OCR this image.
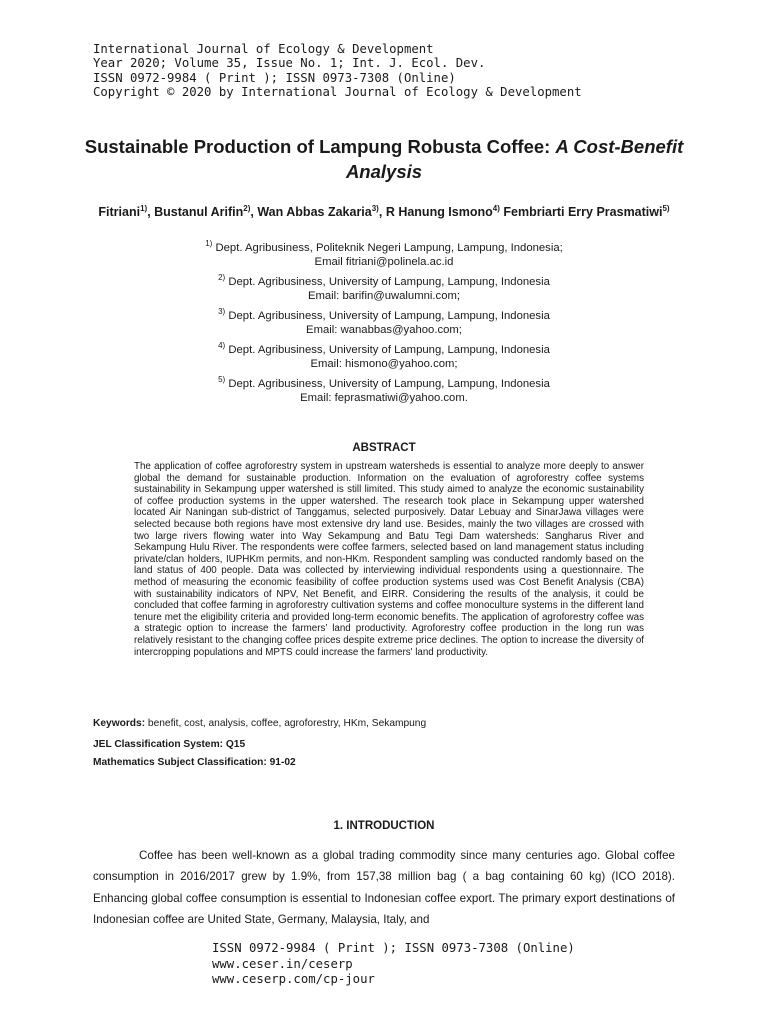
International Journal of Ecology & Development
Year 2020; Volume 35, Issue No. 1; Int. J. Ecol. Dev.
ISSN 0972-9984 ( Print ); ISSN 0973-7308 (Online)
Copyright © 2020 by International Journal of Ecology & Development
Sustainable Production of Lampung Robusta Coffee: A Cost-Benefit Analysis
Fitriani$^{1)}$, Bustanul Arifin$^{2)}$, Wan Abbas Zakaria$^{3)}$, R Hanung Ismono$^{4)}$ Fembriarti Erry Prasmatiwi$^{5)}$
$^{1)}$ Dept. Agribusiness, Politeknik Negeri Lampung, Lampung, Indonesia;
Email fitriani@polinela.ac.id
$^{2)}$ Dept. Agribusiness, University of Lampung, Lampung, Indonesia
Email: barifin@uwalumni.com;
$^{3)}$ Dept. Agribusiness, University of Lampung, Lampung, Indonesia
Email: wanabbas@yahoo.com;
$^{4)}$ Dept. Agribusiness, University of Lampung, Lampung, Indonesia
Email: hismono@yahoo.com;
$^{5)}$ Dept. Agribusiness, University of Lampung, Lampung, Indonesia
Email: feprasmatiwi@yahoo.com.
ABSTRACT
The application of coffee agroforestry system in upstream watersheds is essential to analyze more deeply to answer global the demand for sustainable production. Information on the evaluation of agroforestry coffee systems sustainability in Sekampung upper watershed is still limited. This study aimed to analyze the economic sustainability of coffee production systems in the upper watershed. The research took place in Sekampung upper watershed located Air Naningan sub-district of Tanggamus, selected purposively. Datar Lebuay and SinarJawa villages were selected because both regions have most extensive dry land use. Besides, mainly the two villages are crossed with two large rivers flowing water into Way Sekampung and Batu Tegi Dam watersheds: Sangharus River and Sekampung Hulu River. The respondents were coffee farmers, selected based on land management status including private/clan holders, IUPHKm permits, and non-HKm. Respondent sampling was conducted randomly based on the land status of 400 people. Data was collected by interviewing individual respondents using a questionnaire. The method of measuring the economic feasibility of coffee production systems used was Cost Benefit Analysis (CBA) with sustainability indicators of NPV, Net Benefit, and EIRR. Considering the results of the analysis, it could be concluded that coffee farming in agroforestry cultivation systems and coffee monoculture systems in the different land tenure met the eligibility criteria and provided long-term economic benefits. The application of agroforestry coffee was a strategic option to increase the farmers’ land productivity. Agroforestry coffee production in the long run was relatively resistant to the changing coffee prices despite extreme price declines. The option to increase the diversity of intercropping populations and MPTS could increase the farmers' land productivity.
Keywords: benefit, cost, analysis, coffee, agroforestry, HKm, Sekampung
JEL Classification System: Q15
Mathematics Subject Classification: 91-02
1. INTRODUCTION
Coffee has been well-known as a global trading commodity since many centuries ago. Global coffee consumption in 2016/2017 grew by 1.9%, from 157,38 million bag ( a bag containing 60 kg) (ICO 2018). Enhancing global coffee consumption is essential to Indonesian coffee export. The primary export destinations of Indonesian coffee are United State, Germany, Malaysia, Italy, and
ISSN 0972-9984 ( Print ); ISSN 0973-7308 (Online)
www.ceser.in/ceserp
www.ceserp.com/cp-jour
